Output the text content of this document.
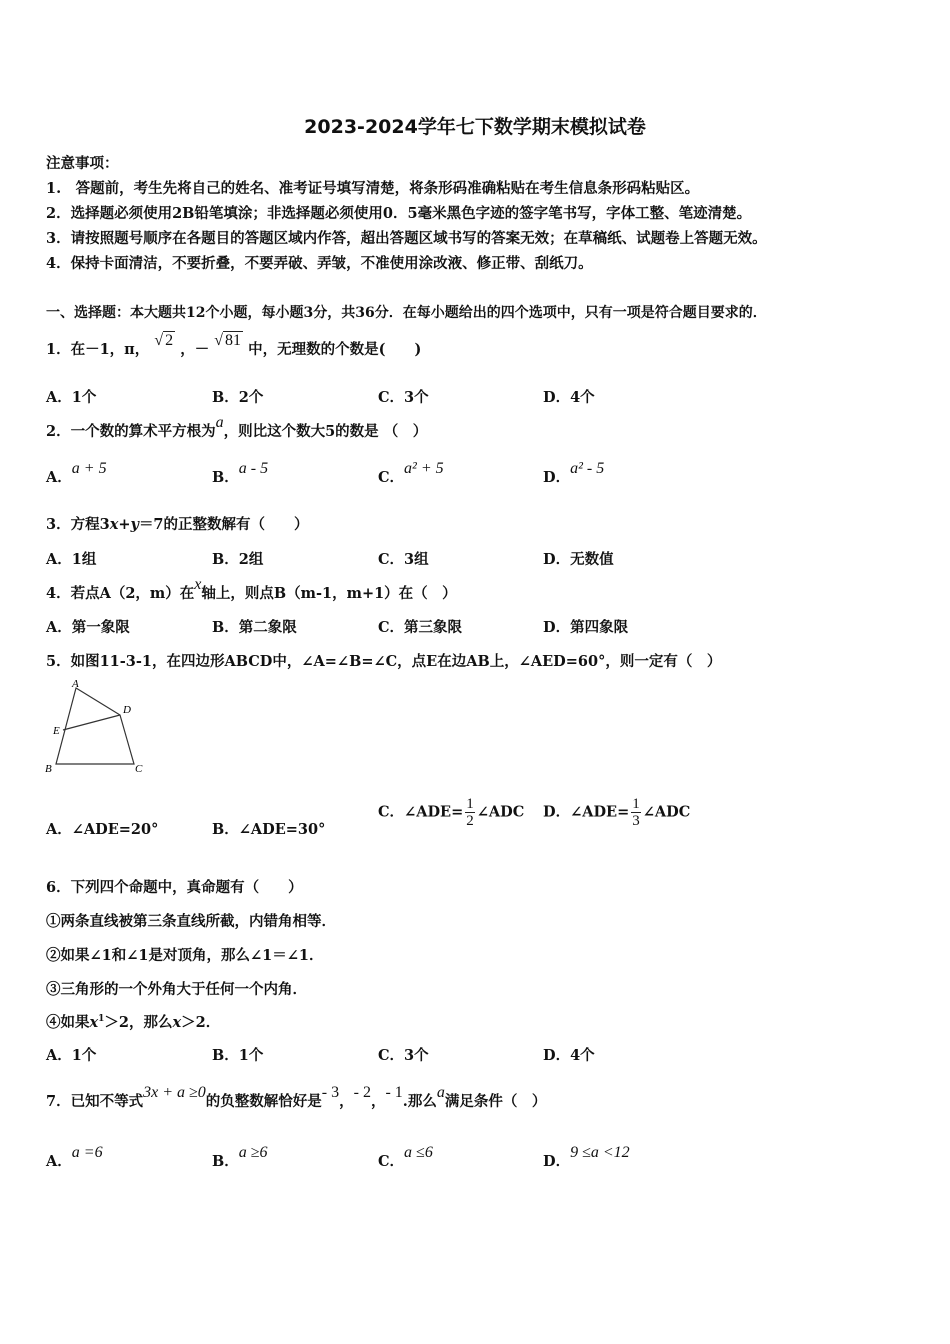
2023-2024学年七下数学期末模拟试卷
注意事项：
1.　答题前，考生先将自己的姓名、准考证号填写清楚，将条形码准确粘贴在考生信息条形码粘贴区。
2．选择题必须使用2B铅笔填涂；非选择题必须使用0．5毫米黑色字迹的签字笔书写，字体工整、笔迹清楚。
3．请按照题号顺序在各题目的答题区域内作答，超出答题区域书写的答案无效；在草稿纸、试题卷上答题无效。
4．保持卡面清洁，不要折叠，不要弄破、弄皱，不准使用涂改液、修正带、刮纸刀。
一、选择题：本大题共12个小题，每小题3分，共36分．在每小题给出的四个选项中，只有一项是符合题目要求的．
1．在－1，π， √ 2 ，－ √ 81 中，无理数的个数是(　　)
A．1个	B．2个	C．3个	D．4个
2．一个数的算术平方根为a，则比这个数大5的数是 （　）
A．a + 5
B．a - 5
C．a² + 5
D．a² - 5
3．方程3x+y＝7的正整数解有（　　）
A．1组	B．2组	C．3组	D．无数值
4．若点A（2，m）在x轴上，则点B（m-1，m+1）在（　）
A．第一象限	B．第二象限	C．第三象限	D．第四象限
5．如图11-3-1，在四边形ABCD中，∠A=∠B=∠C，点E在边AB上，∠AED=60°，则一定有（　）
A
D
E
B	C
A．∠ADE=20°	B．∠ADE=30°
C．∠ADE= $\frac{1}{2}$ ∠ADC D．∠ADE= $\frac{1}{3}$ ∠ADC
6．下列四个命题中，真命题有（　　）
①两条直线被第三条直线所截，内错角相等．
②如果∠1和∠1是对顶角，那么∠1＝∠1．
③三角形的一个外角大于任何一个内角．
④如果$x^1>2$，那么x＞2．
A．1个	B．1个	C．3个	D．4个
7．已知不等式3x + a ≥0的负整数解恰好是- 3，- 2，- 1.那么a满足条件（　）
A．a =6
B．a ≥6
C．a ≤6
D．9 ≤a <12
